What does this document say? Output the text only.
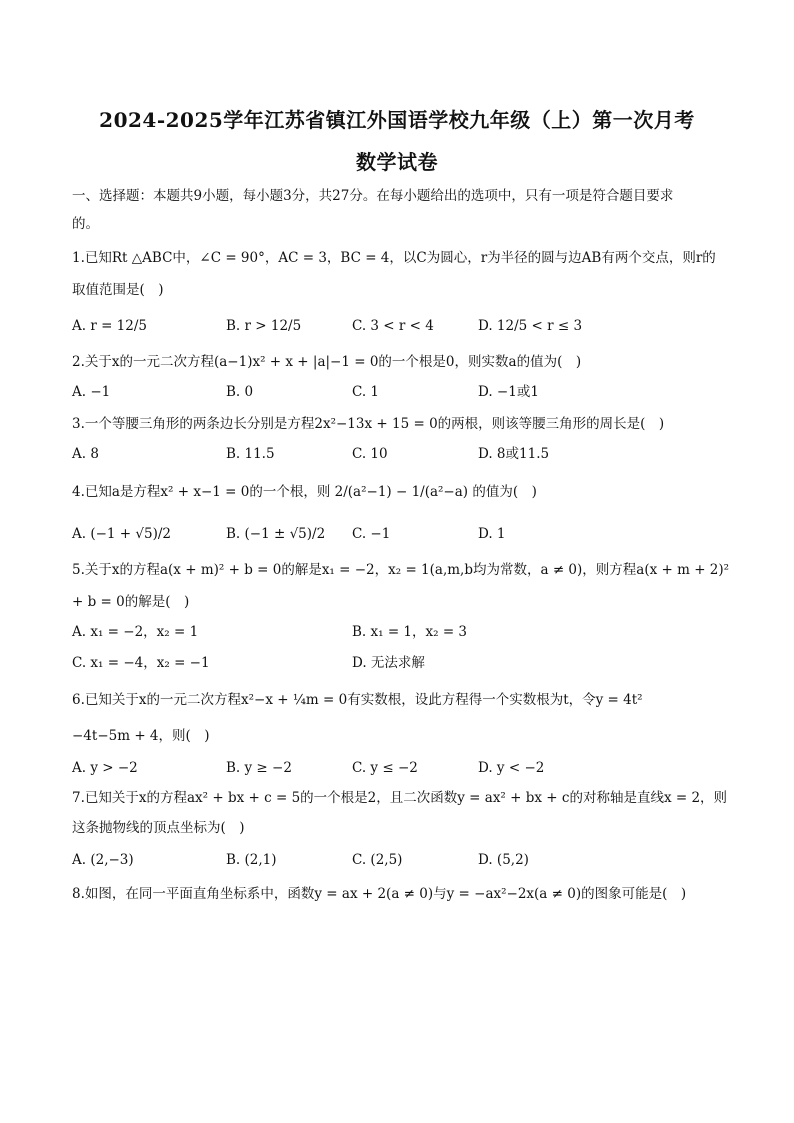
2024-2025学年江苏省镇江外国语学校九年级（上）第一次月考
数学试卷
一、选择题：本题共9小题，每小题3分，共27分。在每小题给出的选项中，只有一项是符合题目要求
的。
1.已知Rt △ABC中，∠C = 90°，AC = 3，BC = 4，以C为圆心，r为半径的圆与边AB有两个交点，则r的
取值范围是(　)
A. r = 12/5	B. r > 12/5	C. 3 < r < 4	D. 12/5 < r ≤ 3
2.关于x的一元二次方程(a−1)x² + x + |a|−1 = 0的一个根是0，则实数a的值为(　)
A. −1	B. 0	C. 1	D. −1或1
3.一个等腰三角形的两条边长分别是方程2x²−13x + 15 = 0的两根，则该等腰三角形的周长是(　)
A. 8	B. 11.5	C. 10	D. 8或11.5
4.已知a是方程x² + x−1 = 0的一个根，则 2/(a²−1) − 1/(a²−a) 的值为(　)
A. (−1 + √5)/2	B. (−1 ± √5)/2 C. −1	D. 1
5.关于x的方程a(x + m)² + b = 0的解是x₁ = −2，x₂ = 1(a,m,b均为常数，a ≠ 0)，则方程a(x + m + 2)²
+ b = 0的解是(　)
A. x₁ = −2，x₂ = 1	B. x₁ = 1，x₂ = 3
C. x₁ = −4，x₂ = −1	D. 无法求解
6.已知关于x的一元二次方程x²−x + ¼m = 0有实数根，设此方程得一个实数根为t，令y = 4t²
−4t−5m + 4，则(　)
A. y > −2	B. y ≥ −2	C. y ≤ −2	D. y < −2
7.已知关于x的方程ax² + bx + c = 5的一个根是2，且二次函数y = ax² + bx + c的对称轴是直线x = 2，则
这条抛物线的顶点坐标为(　)
A. (2,−3)	B. (2,1)	C. (2,5)	D. (5,2)
8.如图，在同一平面直角坐标系中，函数y = ax + 2(a ≠ 0)与y = −ax²−2x(a ≠ 0)的图象可能是(　)
